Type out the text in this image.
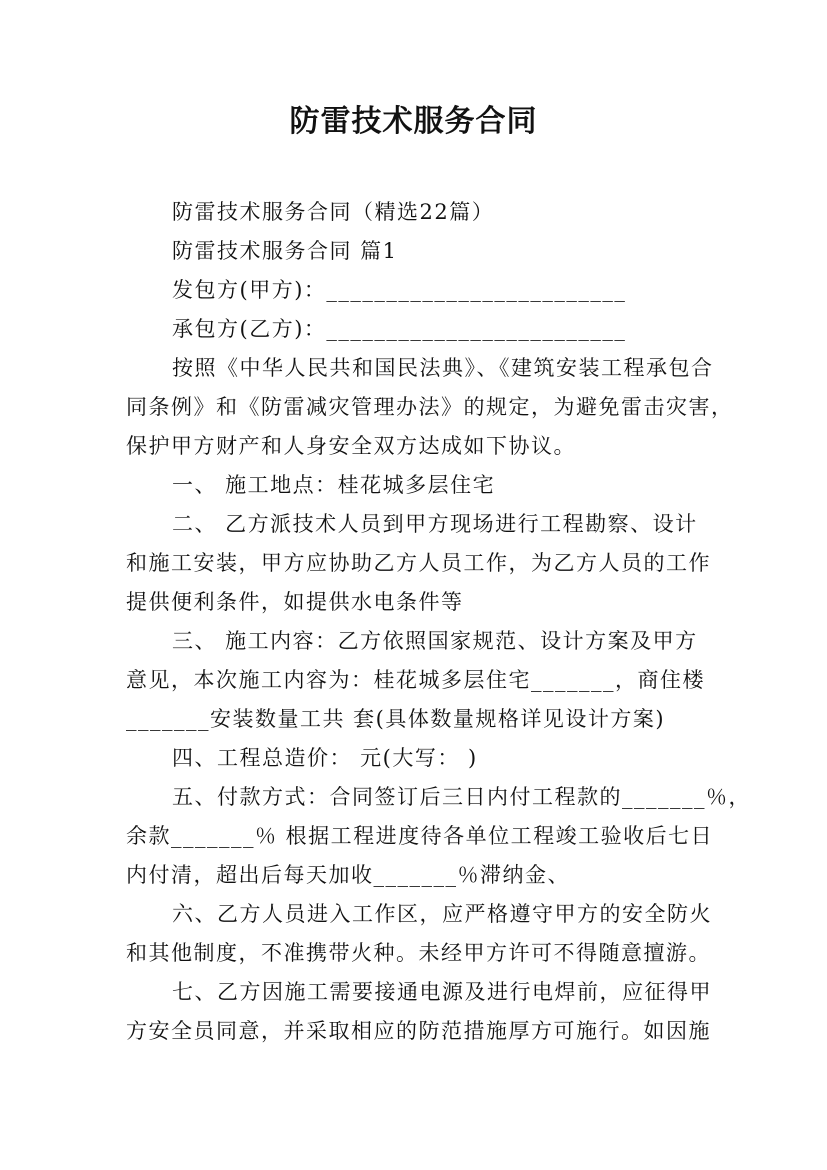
防雷技术服务合同
防雷技术服务合同（精选22篇）
防雷技术服务合同 篇1
发包方(甲方)：_________________________
承包方(乙方)：_________________________
按照《中华人民共和国民法典》、《建筑安装工程承包合
同条例》和《防雷减灾管理办法》的规定，为避免雷击灾害，
保护甲方财产和人身安全双方达成如下协议。
一、 施工地点：桂花城多层住宅
二、 乙方派技术人员到甲方现场进行工程勘察、设计
和施工安装，甲方应协助乙方人员工作，为乙方人员的工作
提供便利条件，如提供水电条件等
三、 施工内容：乙方依照国家规范、设计方案及甲方
意见，本次施工内容为：桂花城多层住宅_______，商住楼
_______安装数量工共 套(具体数量规格详见设计方案)
四、工程总造价： 元(大写： )
五、付款方式：合同签订后三日内付工程款的_______％，
余款_______％ 根据工程进度待各单位工程竣工验收后七日
内付清，超出后每天加收_______％滞纳金、
六、乙方人员进入工作区，应严格遵守甲方的安全防火
和其他制度，不准携带火种。未经甲方许可不得随意擅游。
七、乙方因施工需要接通电源及进行电焊前，应征得甲
方安全员同意，并采取相应的防范措施厚方可施行。如因施
